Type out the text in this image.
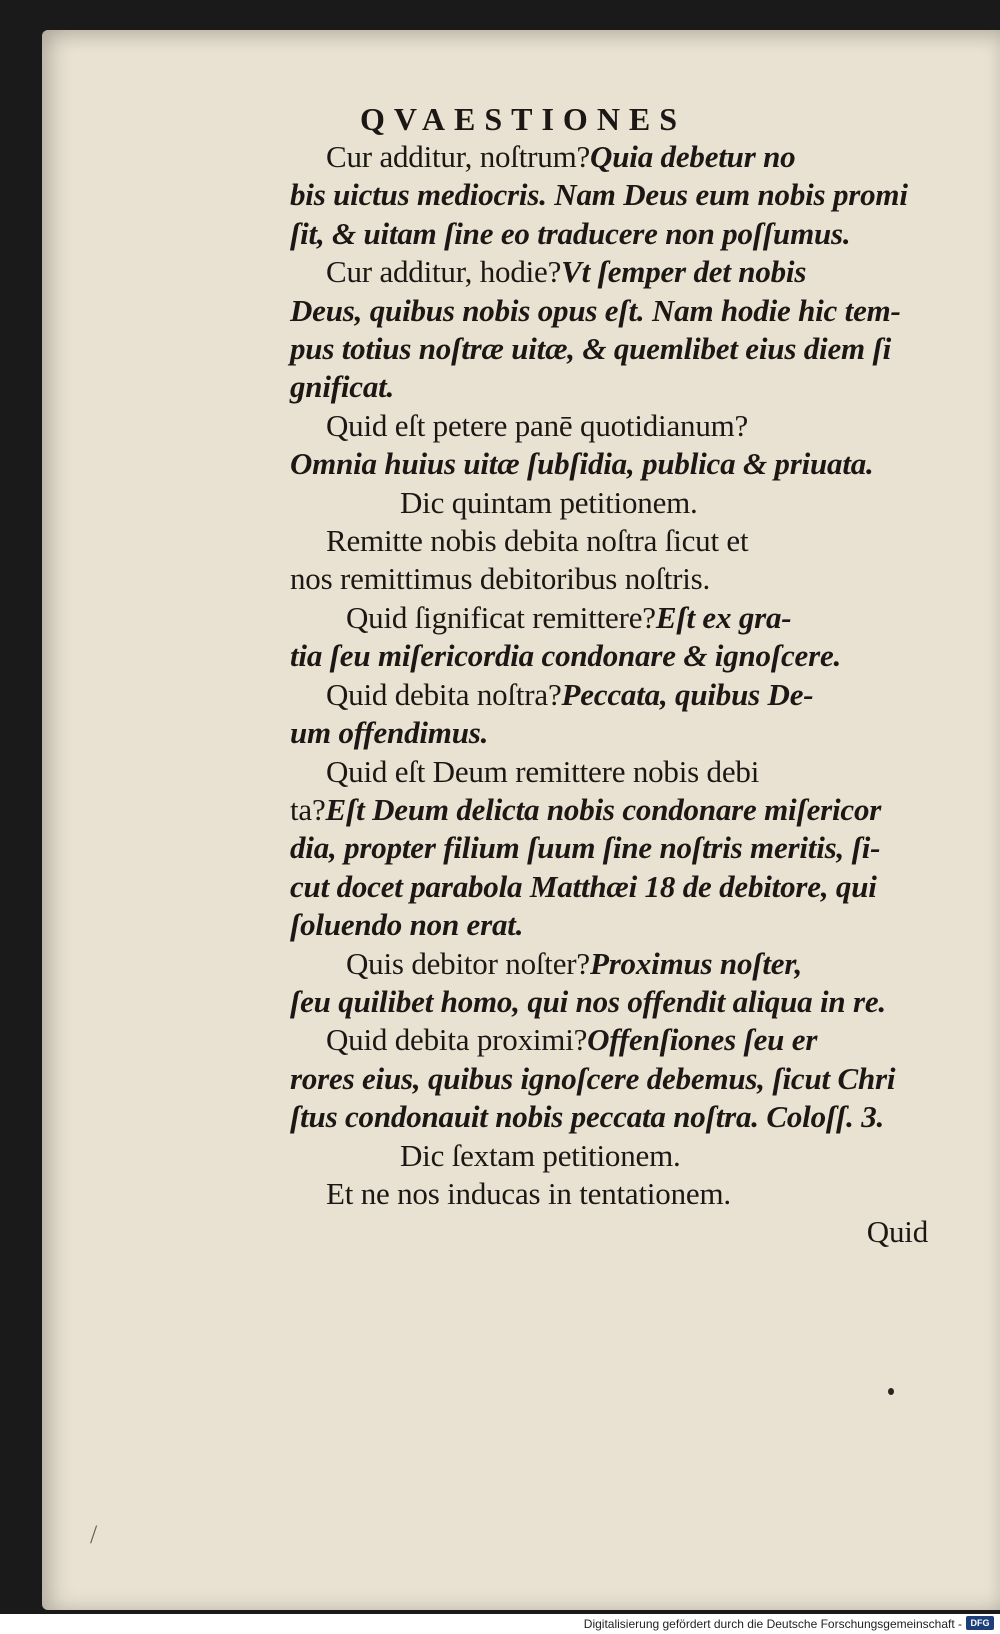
QVAESTIONES
Cur additur, noſtrum?Quia debetur no
bis uictus mediocris. Nam Deus eum nobis promi
ſit, & uitam ſine eo traducere non poſſumus.
Cur additur, hodie?Vt ſemper det nobis
Deus, quibus nobis opus eſt. Nam hodie hic tem-
pus totius noſtræ uitæ, & quemlibet eius diem ſi
gnificat.
Quid eſt petere panē quotidianum?
Omnia huius uitæ ſubſidia, publica & priuata.
Dic quintam petitionem.
Remitte nobis debita noſtra ſicut et
nos remittimus debitoribus noſtris.
Quid ſignificat remittere?Eſt ex gra-
tia ſeu miſericordia condonare & ignoſcere.
Quid debita noſtra?Peccata, quibus De-
um offendimus.
Quid eſt Deum remittere nobis debi
ta?Eſt Deum delicta nobis condonare miſericor
dia, propter filium ſuum ſine noſtris meritis, ſi-
cut docet parabola Matthæi 18 de debitore, qui
ſoluendo non erat.
Quis debitor noſter?Proximus noſter,
ſeu quilibet homo, qui nos offendit aliqua in re.
Quid debita proximi?Offenſiones ſeu er
rores eius, quibus ignoſcere debemus, ſicut Chri
ſtus condonauit nobis peccata noſtra. Coloſſ. 3.
Dic ſextam petitionem.
Et ne nos inducas in tentationem.
Quid
/
Digitalisierung gefördert durch die Deutsche Forschungsgemeinschaft - DFG
